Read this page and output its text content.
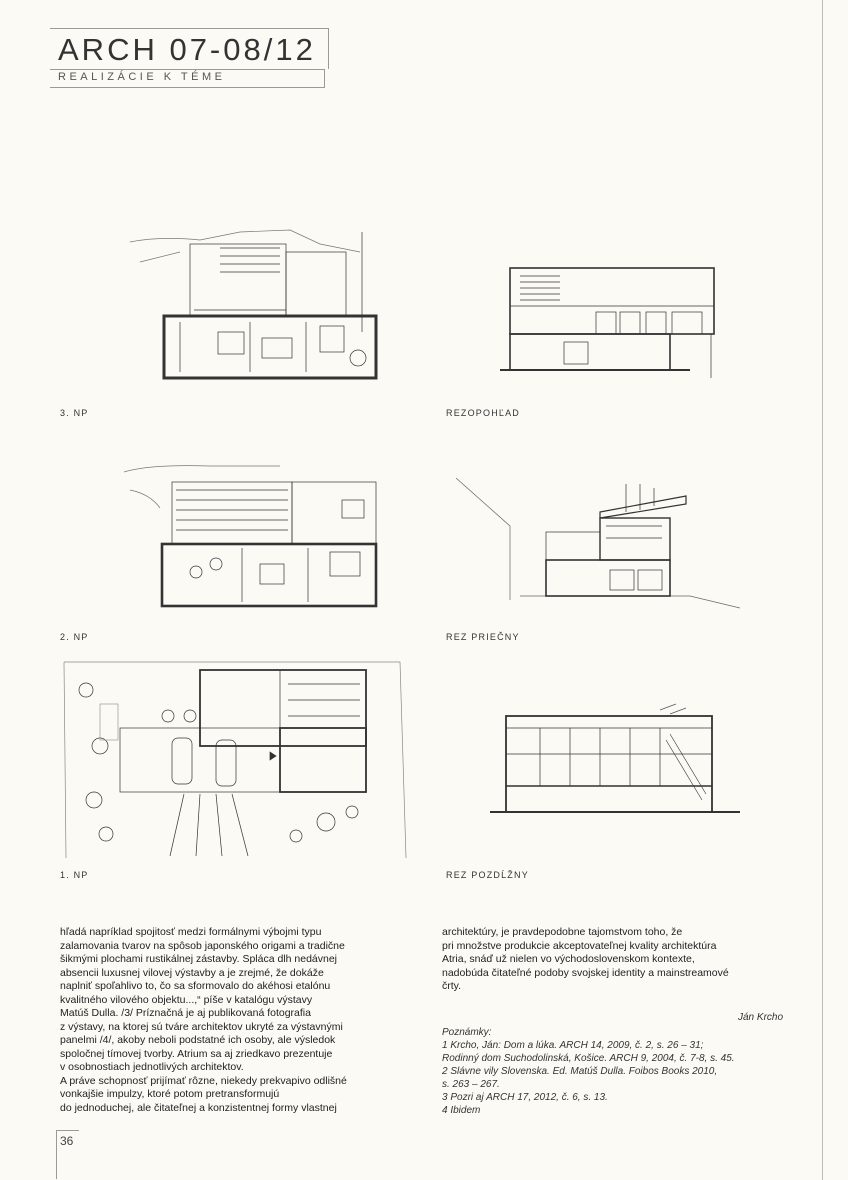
ARCH 07-08/12
REALIZÁCIE K TÉME
3. NP	REZOPOHĽAD
2. NP	REZ PRIEČNY
1. NP	REZ POZDĹŽNY

hľadá napríklad spojitosť medzi formálnymi výbojmi typu

zalamovania tvarov na spôsob japonského origami a tradične

šikmými plochami rustikálnej zástavby. Spláca dlh nedávnej

absencii luxusnej vilovej výstavby a je zrejmé, že dokáže

naplniť spoľahlivo to, čo sa sformovalo do akéhosi etalónu

kvalitného vilového objektu...,“ píše v katalógu výstavy

Matúš Dulla. /3/ Príznačná je aj publikovaná fotografia

z výstavy, na ktorej sú tváre architektov ukryté za výstavnými

panelmi /4/, akoby neboli podstatné ich osoby, ale výsledok

spoločnej tímovej tvorby. Atrium sa aj zriedkavo prezentuje

v osobnostiach jednotlivých architektov.

A práve schopnosť prijímať rôzne, niekedy prekvapivo odlišné

vonkajšie impulzy, ktoré potom pretransformujú

do jednoduchej, ale čitateľnej a konzistentnej formy vlastnej

architektúry, je pravdepodobne tajomstvom toho, že

pri množstve produkcie akceptovateľnej kvality architektúra

Atria, snáď už nielen vo východoslovenskom kontexte,

nadobúda čitateľné podoby svojskej identity a mainstreamové

črty.

Ján Krcho
Poznámky:
1 Krcho, Ján: Dom a lúka. ARCH 14, 2009, č. 2, s. 26 – 31;
Rodinný dom Suchodolinská, Košice. ARCH 9, 2004, č. 7-8, s. 45.
2 Slávne vily Slovenska. Ed. Matúš Dulla. Foibos Books 2010,
s. 263 – 267.
3 Pozri aj ARCH 17, 2012, č. 6, s. 13.
4 Ibidem
36
